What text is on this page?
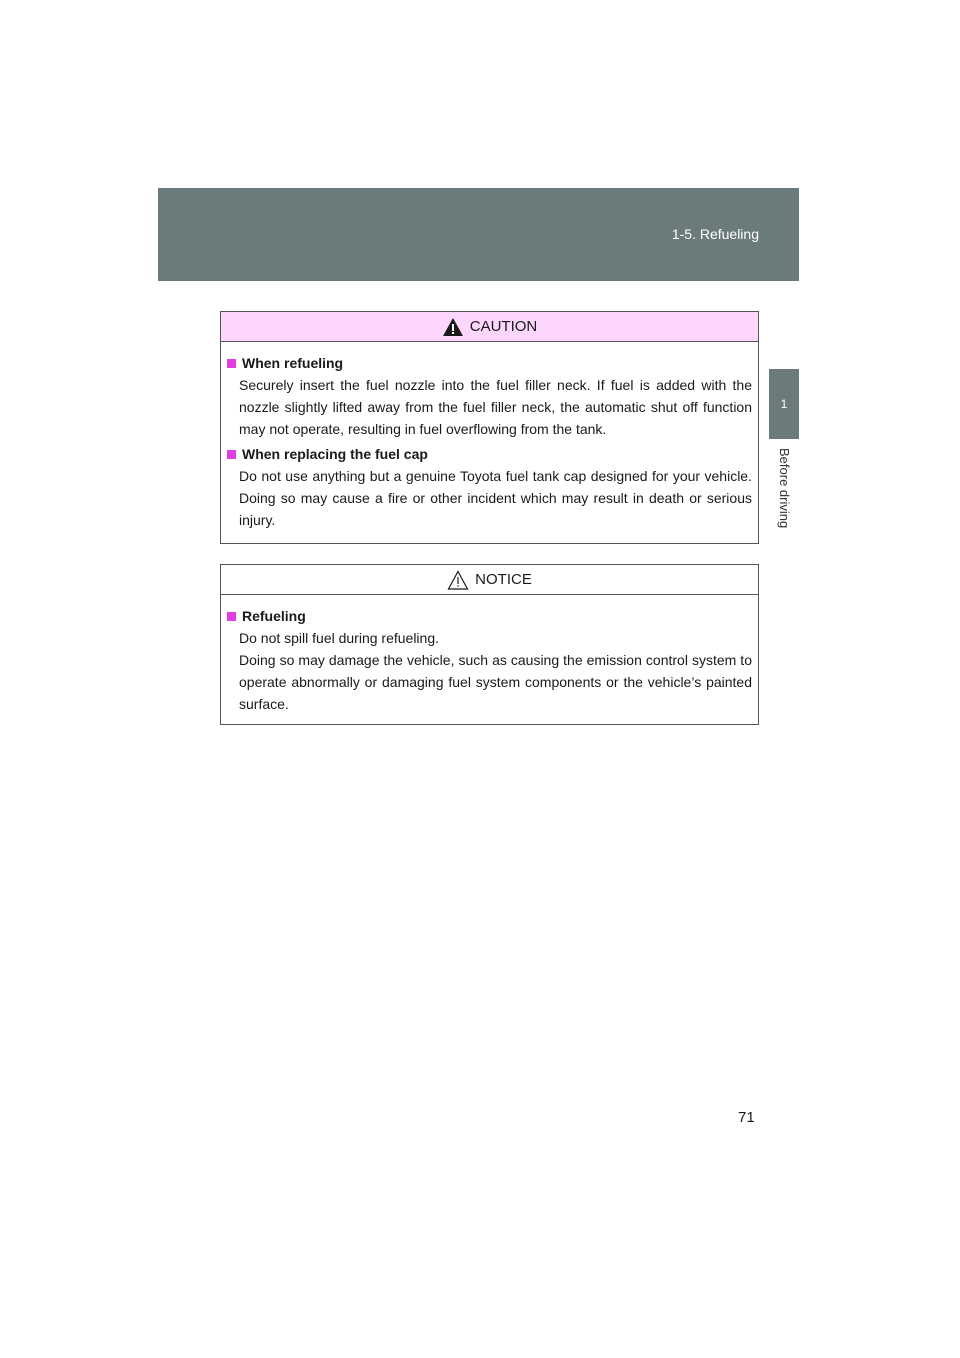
1-5. Refueling
1
Before driving
CAUTION
When refueling
Securely insert the fuel nozzle into the fuel filler neck. If fuel is added with the nozzle slightly lifted away from the fuel filler neck, the automatic shut off function may not operate, resulting in fuel overflowing from the tank.
When replacing the fuel cap
Do not use anything but a genuine Toyota fuel tank cap designed for your vehicle. Doing so may cause a fire or other incident which may result in death or serious injury.
NOTICE
Refueling
Do not spill fuel during refueling.
Doing so may damage the vehicle, such as causing the emission control system to operate abnormally or damaging fuel system components or the vehicle’s painted surface.
71
